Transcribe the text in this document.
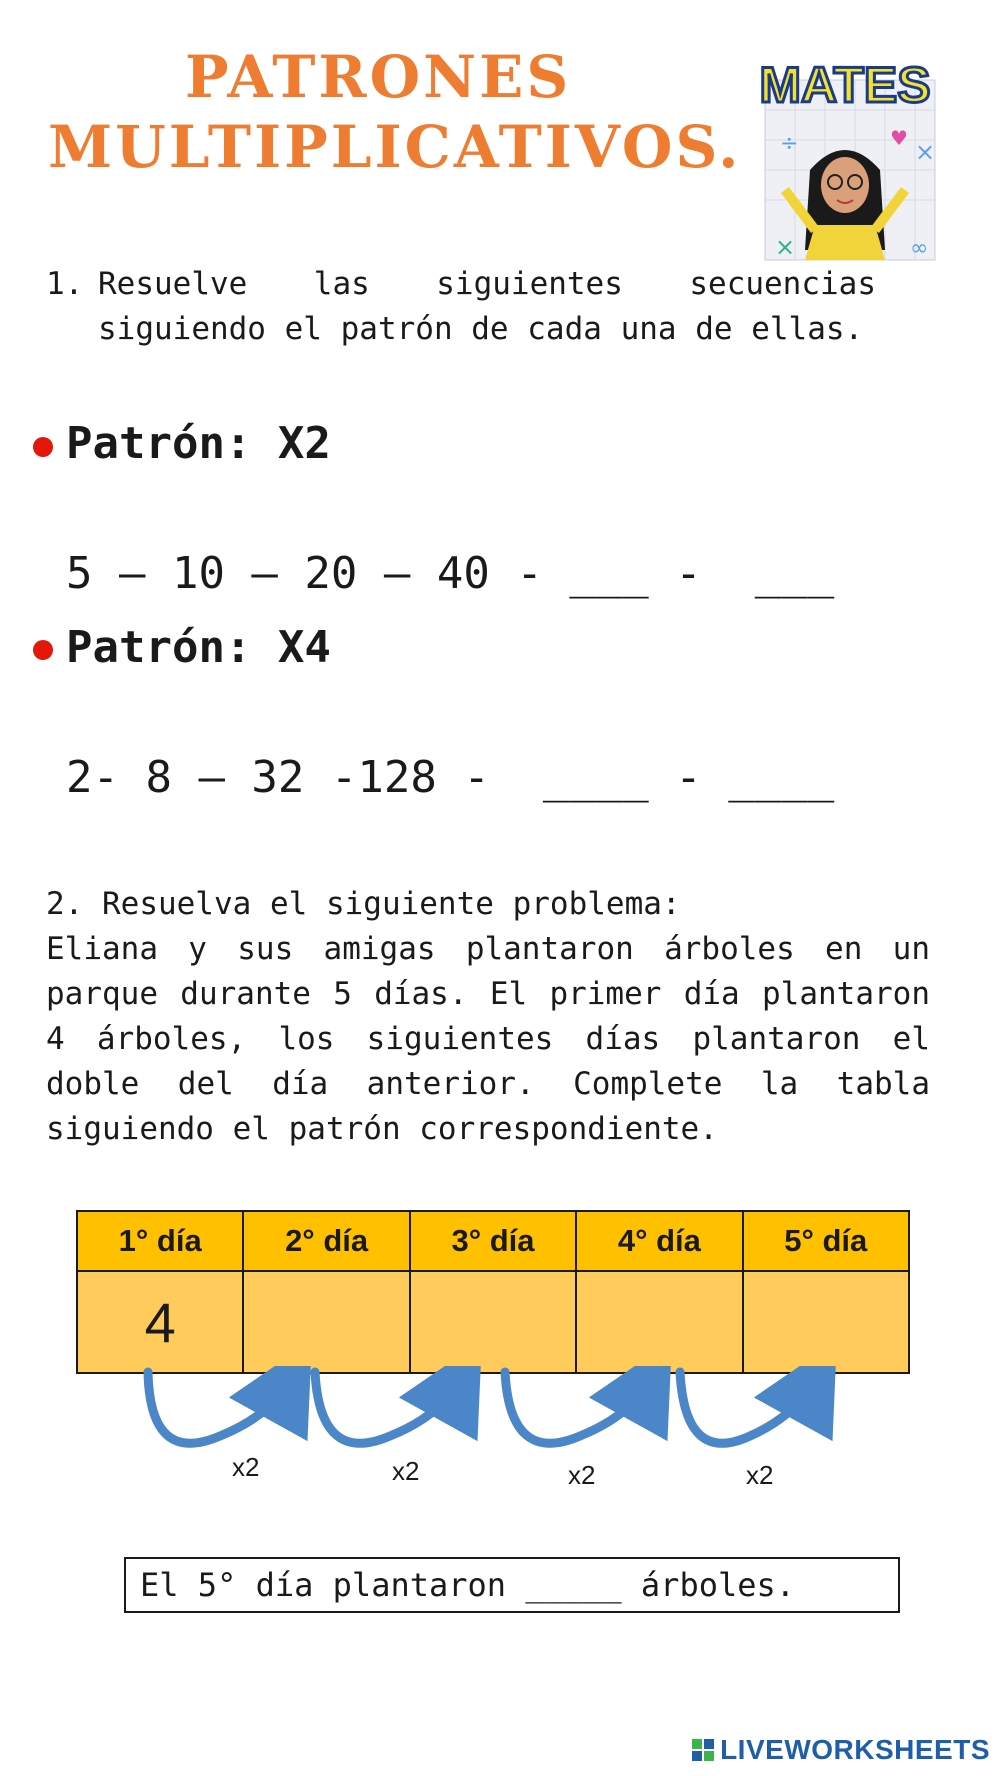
PATRONES
MULTIPLICATIVOS.
MATES
÷	×
×	∞
♥
1. Resuelve las siguientes secuencias siguiendo el patrón de cada una de ellas.
Patrón: X2
5 – 10 – 20 – 40 - ___ -  ___
Patrón: X4
2- 8 – 32 -128 -  ____ - ____
2. Resuelva el siguiente problema:
Eliana y sus amigas plantaron árboles en un parque durante 5 días. El primer día plantaron 4 árboles, los siguientes días plantaron el doble del día anterior. Complete la tabla siguiendo el patrón correspondiente.
1° día	2° día	3° día	4° día	5° día
4				
x2	x2	x2	x2
El 5° día plantaron _____ árboles.
LIVEWORKSHEETS
